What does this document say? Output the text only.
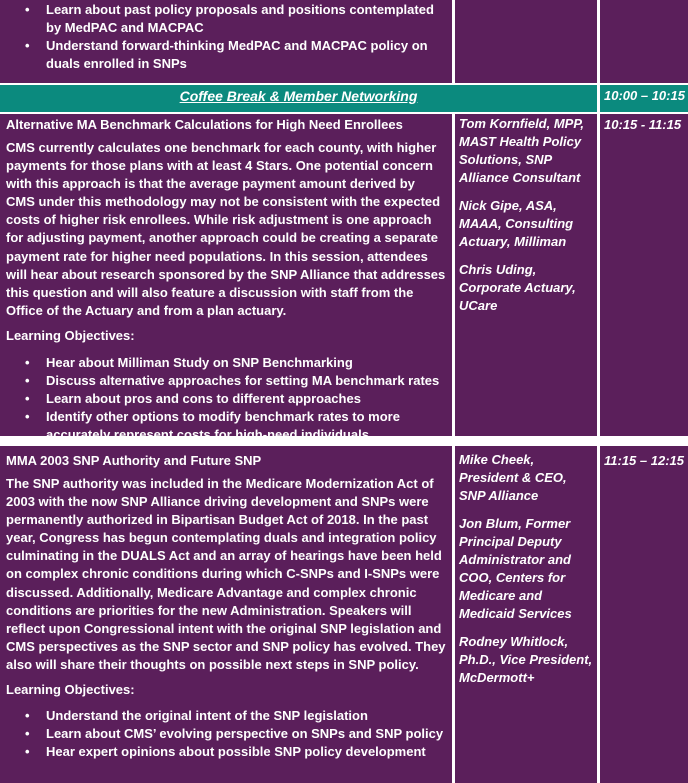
• Learn about past policy proposals and positions contemplated by MedPAC and MACPAC
• Understand forward-thinking MedPAC and MACPAC policy on duals enrolled in SNPs
Coffee Break & Member Networking	10:00 – 10:15

Alternative MA Benchmark Calculations for High Need Enrollees

CMS currently calculates one benchmark for each county, with higher payments for those plans with at least 4 Stars. One potential concern with this approach is that the average payment amount derived by CMS under this methodology may not be consistent with the expected costs of higher risk enrollees. While risk adjustment is one approach for adjusting payment, another approach could be creating a separate payment rate for higher need populations. In this session, attendees will hear about research sponsored by the SNP Alliance that addresses this question and will also feature a discussion with staff from the Office of the Actuary and from a plan actuary.

Learning Objectives:

• Hear about Milliman Study on SNP Benchmarking
• Discuss alternative approaches for setting MA benchmark rates
• Learn about pros and cons to different approaches
• Identify other options to modify benchmark rates to more accurately represent costs for high-need individuals

Tom Kornfield, MPP, MAST Health Policy Solutions, SNP Alliance Consultant

Nick Gipe, ASA, MAAA, Consulting Actuary, Milliman

Chris Uding, Corporate Actuary, UCare

10:15 - 11:15

MMA 2003 SNP Authority and Future SNP

The SNP authority was included in the Medicare Modernization Act of 2003 with the now SNP Alliance driving development and SNPs were permanently authorized in Bipartisan Budget Act of 2018. In the past year, Congress has begun contemplating duals and integration policy culminating in the DUALS Act and an array of hearings have been held on complex chronic conditions during which C-SNPs and I-SNPs were discussed. Additionally, Medicare Advantage and complex chronic conditions are priorities for the new Administration. Speakers will reflect upon Congressional intent with the original SNP legislation and CMS perspectives as the SNP sector and SNP policy has evolved. They also will share their thoughts on possible next steps in SNP policy.

Learning Objectives:

• Understand the original intent of the SNP legislation
• Learn about CMS’ evolving perspective on SNPs and SNP policy
• Hear expert opinions about possible SNP policy development

Mike Cheek, President & CEO, SNP Alliance

Jon Blum, Former Principal Deputy Administrator and COO, Centers for Medicare and Medicaid Services

Rodney Whitlock, Ph.D., Vice President, McDermott+

11:15 – 12:15
